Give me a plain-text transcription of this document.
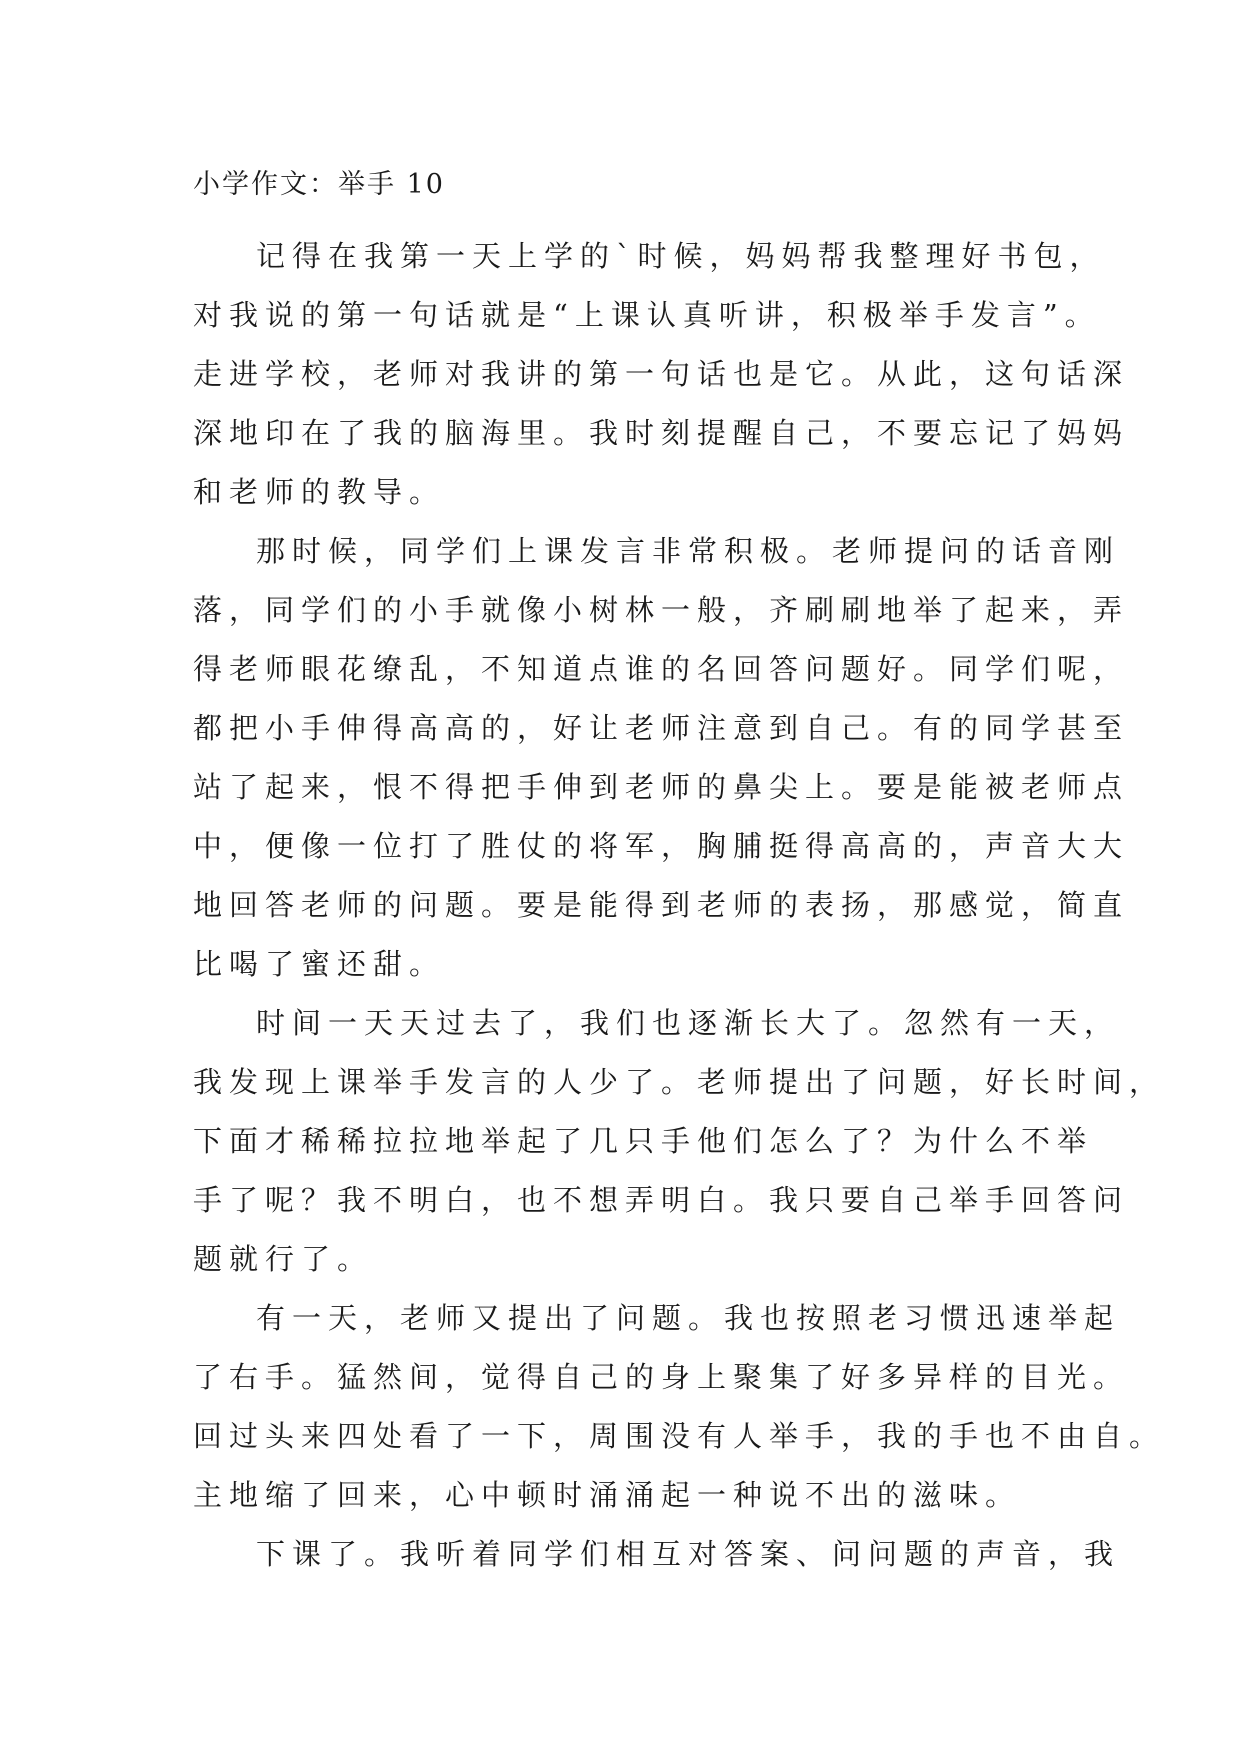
小学作文：举手 10
记得在我第一天上学的`时候，妈妈帮我整理好书包，
对我说的第一句话就是“上课认真听讲，积极举手发言”。
走进学校，老师对我讲的第一句话也是它。从此，这句话深
深地印在了我的脑海里。我时刻提醒自己，不要忘记了妈妈
和老师的教导。
那时候，同学们上课发言非常积极。老师提问的话音刚
落，同学们的小手就像小树林一般，齐刷刷地举了起来，弄
得老师眼花缭乱，不知道点谁的名回答问题好。同学们呢，
都把小手伸得高高的，好让老师注意到自己。有的同学甚至
站了起来，恨不得把手伸到老师的鼻尖上。要是能被老师点
中，便像一位打了胜仗的将军，胸脯挺得高高的，声音大大
地回答老师的问题。要是能得到老师的表扬，那感觉，简直
比喝了蜜还甜。
时间一天天过去了，我们也逐渐长大了。忽然有一天，
我发现上课举手发言的人少了。老师提出了问题，好长时间，
下面才稀稀拉拉地举起了几只手他们怎么了？为什么不举
手了呢？我不明白，也不想弄明白。我只要自己举手回答问
题就行了。
有一天，老师又提出了问题。我也按照老习惯迅速举起
了右手。猛然间，觉得自己的身上聚集了好多异样的目光。
回过头来四处看了一下，周围没有人举手，我的手也不由自。
主地缩了回来，心中顿时涌涌起一种说不出的滋味。
下课了。我听着同学们相互对答案、问问题的声音，我
